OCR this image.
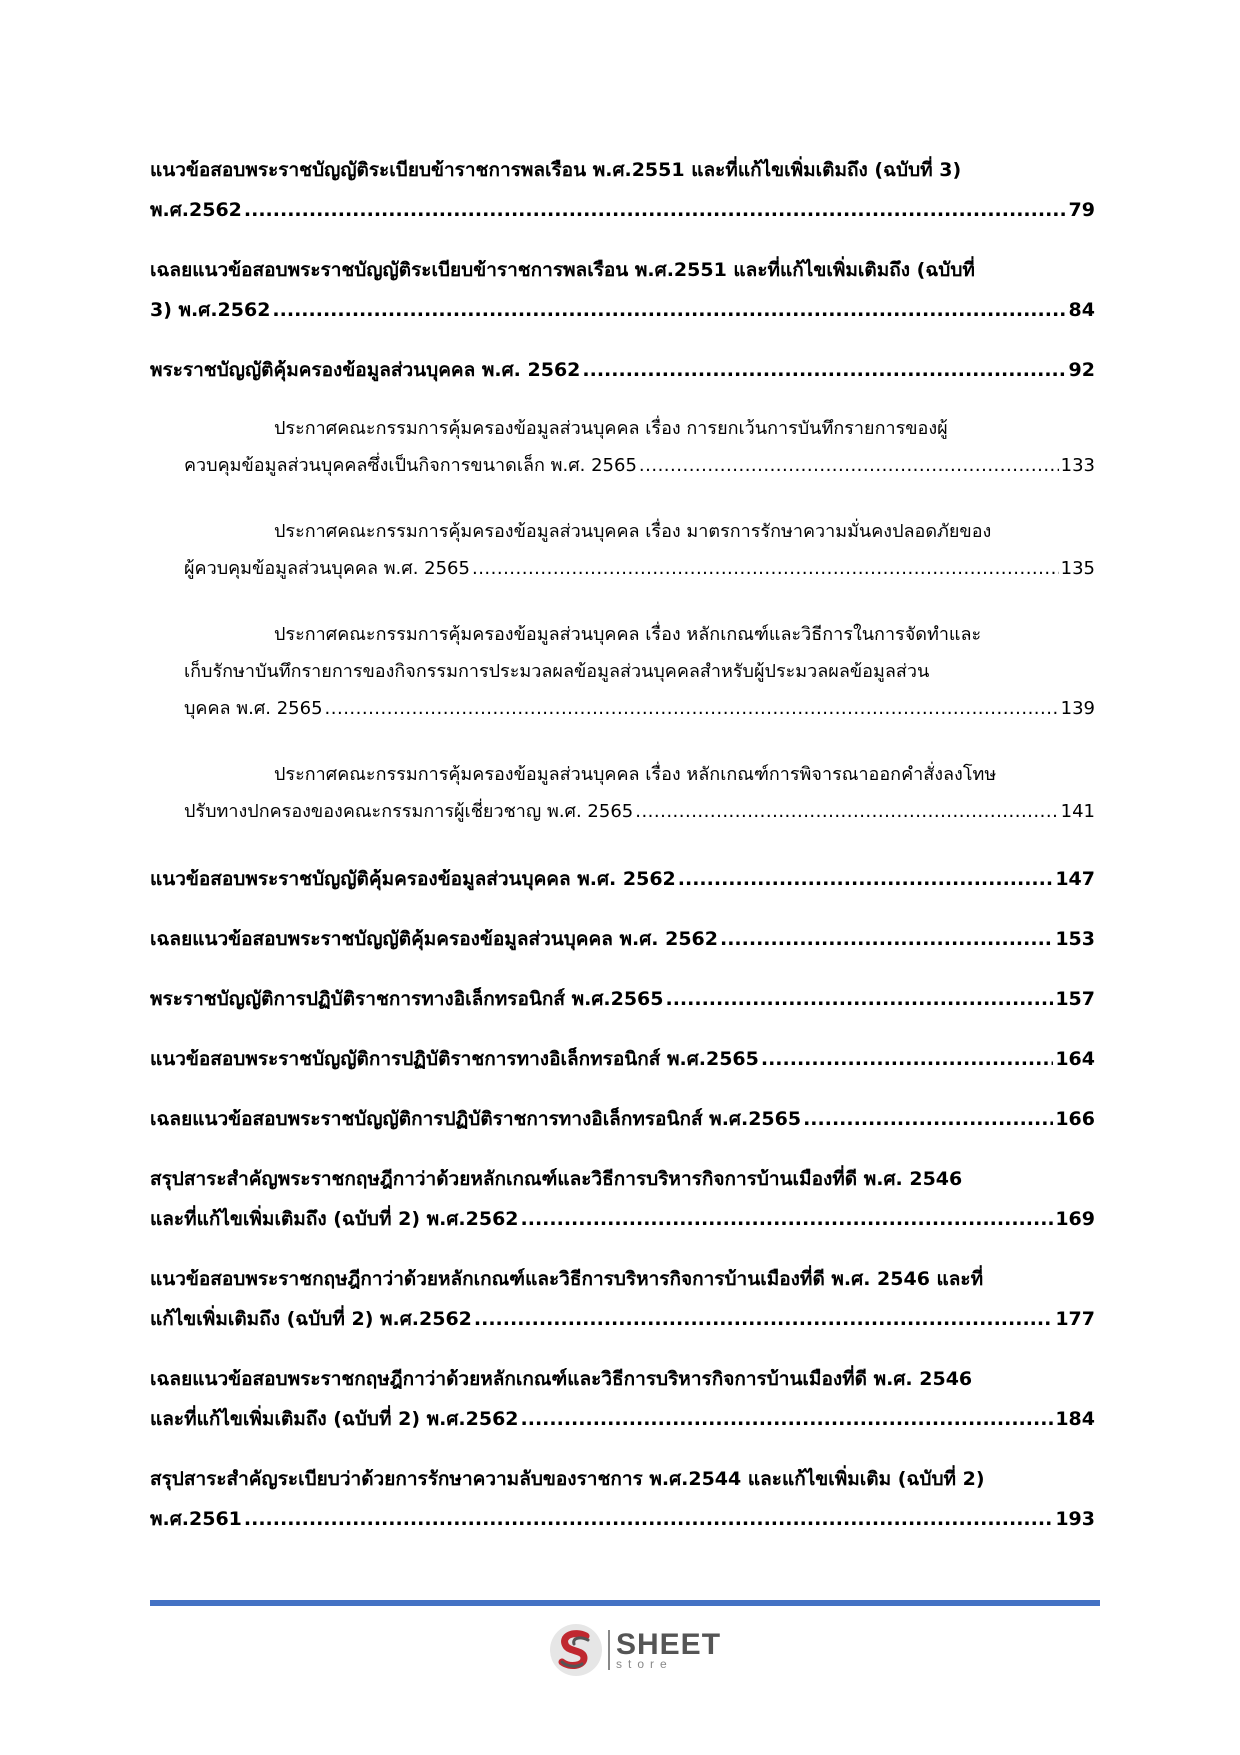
แนวข้อสอบพระราชบัญญัติระเบียบข้าราชการพลเรือน พ.ศ.2551 และที่แก้ไขเพิ่มเติมถึง (ฉบับที่ 3)
พ.ศ.2562 .....	79
เฉลยแนวข้อสอบพระราชบัญญัติระเบียบข้าราชการพลเรือน พ.ศ.2551 และที่แก้ไขเพิ่มเติมถึง (ฉบับที่
3) พ.ศ.2562 .....	84
พระราชบัญญัติคุ้มครองข้อมูลส่วนบุคคล พ.ศ. 2562 .....	92
ประกาศคณะกรรมการคุ้มครองข้อมูลส่วนบุคคล เรื่อง การยกเว้นการบันทึกรายการของผู้
ควบคุมข้อมูลส่วนบุคคลซึ่งเป็นกิจการขนาดเล็ก พ.ศ. 2565 .....	133
ประกาศคณะกรรมการคุ้มครองข้อมูลส่วนบุคคล เรื่อง มาตรการรักษาความมั่นคงปลอดภัยของ
ผู้ควบคุมข้อมูลส่วนบุคคล พ.ศ. 2565 .....	135
ประกาศคณะกรรมการคุ้มครองข้อมูลส่วนบุคคล เรื่อง หลักเกณฑ์และวิธีการในการจัดทำและ
เก็บรักษาบันทึกรายการของกิจกรรมการประมวลผลข้อมูลส่วนบุคคลสำหรับผู้ประมวลผลข้อมูลส่วน
บุคคล พ.ศ. 2565 .....	139
ประกาศคณะกรรมการคุ้มครองข้อมูลส่วนบุคคล เรื่อง หลักเกณฑ์การพิจารณาออกคำสั่งลงโทษ
ปรับทางปกครองของคณะกรรมการผู้เชี่ยวชาญ พ.ศ. 2565 .....	141
แนวข้อสอบพระราชบัญญัติคุ้มครองข้อมูลส่วนบุคคล พ.ศ. 2562 .....	147
เฉลยแนวข้อสอบพระราชบัญญัติคุ้มครองข้อมูลส่วนบุคคล พ.ศ. 2562 .....	153
พระราชบัญญัติการปฏิบัติราชการทางอิเล็กทรอนิกส์ พ.ศ.2565 .....	157
แนวข้อสอบพระราชบัญญัติการปฏิบัติราชการทางอิเล็กทรอนิกส์ พ.ศ.2565 .....	164
เฉลยแนวข้อสอบพระราชบัญญัติการปฏิบัติราชการทางอิเล็กทรอนิกส์ พ.ศ.2565 .....	166
สรุปสาระสำคัญพระราชกฤษฎีกาว่าด้วยหลักเกณฑ์และวิธีการบริหารกิจการบ้านเมืองที่ดี พ.ศ. 2546
และที่แก้ไขเพิ่มเติมถึง (ฉบับที่ 2) พ.ศ.2562 .....	169
แนวข้อสอบพระราชกฤษฎีกาว่าด้วยหลักเกณฑ์และวิธีการบริหารกิจการบ้านเมืองที่ดี พ.ศ. 2546 และที่
แก้ไขเพิ่มเติมถึง (ฉบับที่ 2) พ.ศ.2562 .....	177
เฉลยแนวข้อสอบพระราชกฤษฎีกาว่าด้วยหลักเกณฑ์และวิธีการบริหารกิจการบ้านเมืองที่ดี พ.ศ. 2546
และที่แก้ไขเพิ่มเติมถึง (ฉบับที่ 2) พ.ศ.2562 .....	184
สรุปสาระสำคัญระเบียบว่าด้วยการรักษาความลับของราชการ พ.ศ.2544 และแก้ไขเพิ่มเติม (ฉบับที่ 2)
พ.ศ.2561 .....	193
SHEET
store
